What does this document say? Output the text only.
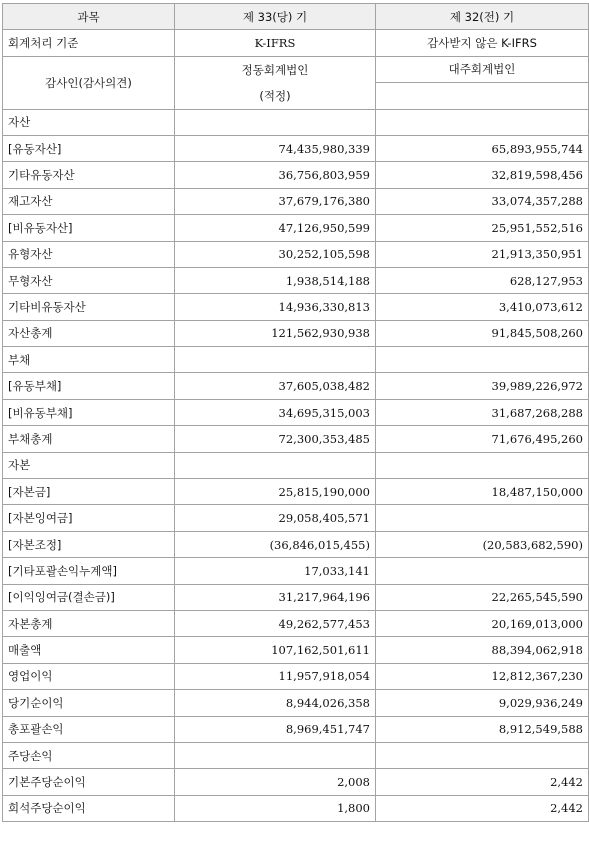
과목	제 33(당) 기	제 32(전) 기
회계처리 기준	K-IFRS	감사받지 않은 K-IFRS
감사인(감사의견)	정동회계법인	대주회계법인
	(적정)	
자산		
[유동자산]	74,435,980,339	65,893,955,744
기타유동자산	36,756,803,959	32,819,598,456
재고자산	37,679,176,380	33,074,357,288
[비유동자산]	47,126,950,599	25,951,552,516
유형자산	30,252,105,598	21,913,350,951
무형자산	1,938,514,188	628,127,953
기타비유동자산	14,936,330,813	3,410,073,612
자산총계	121,562,930,938	91,845,508,260
부채		
[유동부채]	37,605,038,482	39,989,226,972
[비유동부채]	34,695,315,003	31,687,268,288
부채총계	72,300,353,485	71,676,495,260
자본		
[자본금]	25,815,190,000	18,487,150,000
[자본잉여금]	29,058,405,571	
[자본조정]	(36,846,015,455)	(20,583,682,590)
[기타포괄손익누계액]	17,033,141	
[이익잉여금(결손금)]	31,217,964,196	22,265,545,590
자본총계	49,262,577,453	20,169,013,000
매출액	107,162,501,611	88,394,062,918
영업이익	11,957,918,054	12,812,367,230
당기순이익	8,944,026,358	9,029,936,249
총포괄손익	8,969,451,747	8,912,549,588
주당손익		
기본주당순이익	2,008	2,442
희석주당순이익	1,800	2,442
